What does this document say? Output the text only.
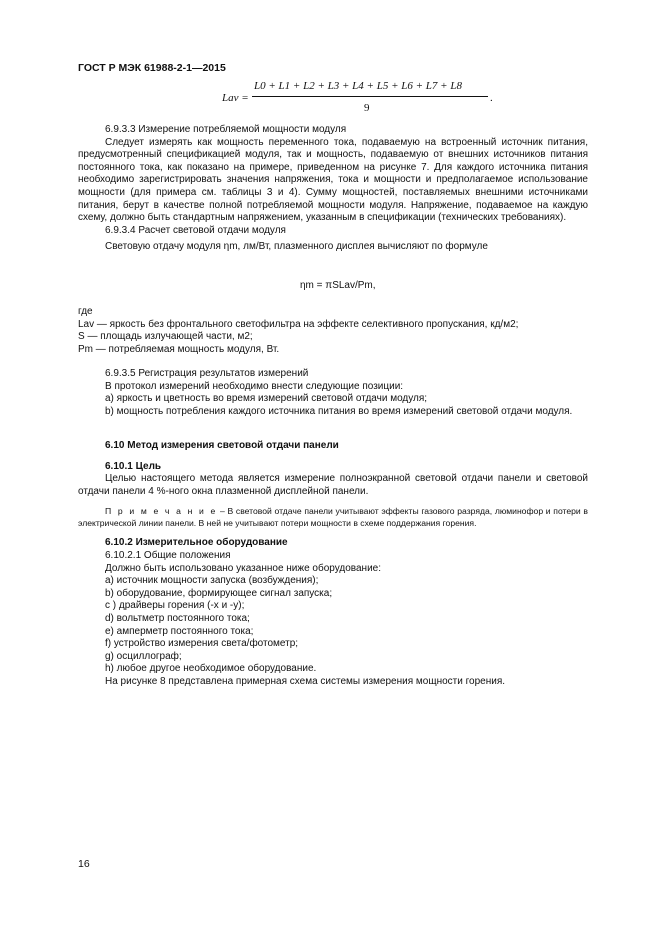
ГОСТ Р МЭК 61988-2-1—2015
Lav =
L0 + L1 + L2 + L3 + L4 + L5 + L6 + L7 + L8
9
.

6.9.3.3 Измерение потребляемой мощности модуля

Следует измерять как мощность переменного тока, подаваемую на встроенный источник питания, предусмотренный спецификацией модуля, так и мощность, подаваемую от внешних источников питания постоянного тока, как показано на примере, приведенном на рисунке 7. Для каждого источника питания необходимо зарегистрировать значения напряжения, тока и мощности и предполагаемое использование мощности (для примера см. таблицы 3 и 4). Сумму мощностей, поставляемых внешними источниками питания, берут в качестве полной потребляемой мощности модуля. Напряжение, подаваемое на каждую схему, должно быть стандартным напряжением, указанным в спецификации (технических требованиях).

6.9.3.4 Расчет световой отдачи модуля

Световую отдачу модуля ηm, лм/Вт, плазменного дисплея вычисляют по формуле

ηm = πSLav/Pm,

где

Lav — яркость без фронтального светофильтра на эффекте селективного пропускания, кд/м2;

S — площадь излучающей части, м2;

Pm — потребляемая мощность модуля, Вт.

6.9.3.5 Регистрация результатов измерений

В протокол измерений необходимо внести следующие позиции:

а) яркость и цветность во время измерений световой отдачи модуля;

b) мощность потребления каждого источника питания во время измерений световой отдачи модуля.

6.10 Метод измерения световой отдачи панели

6.10.1 Цель

Целью настоящего метода является измерение полноэкранной световой отдачи панели и световой отдачи панели 4 %-ного окна плазменной дисплейной панели.

П р и м е ч а н и е – В световой отдаче панели учитывают эффекты газового разряда, люминофор и потери в электрической линии панели. В ней не учитывают потери мощности в схеме поддержания горения.

6.10.2 Измерительное оборудование

6.10.2.1 Общие положения

Должно быть использовано указанное ниже оборудование:

а) источник мощности запуска (возбуждения);

b) оборудование, формирующее сигнал запуска;

с ) драйверы горения (-x и -y);

d) вольтметр постоянного тока;

е) амперметр постоянного тока;

f) устройство измерения света/фотометр;

g) осциллограф;

h) любое другое необходимое оборудование.

На рисунке 8 представлена примерная схема системы измерения мощности горения.

16
